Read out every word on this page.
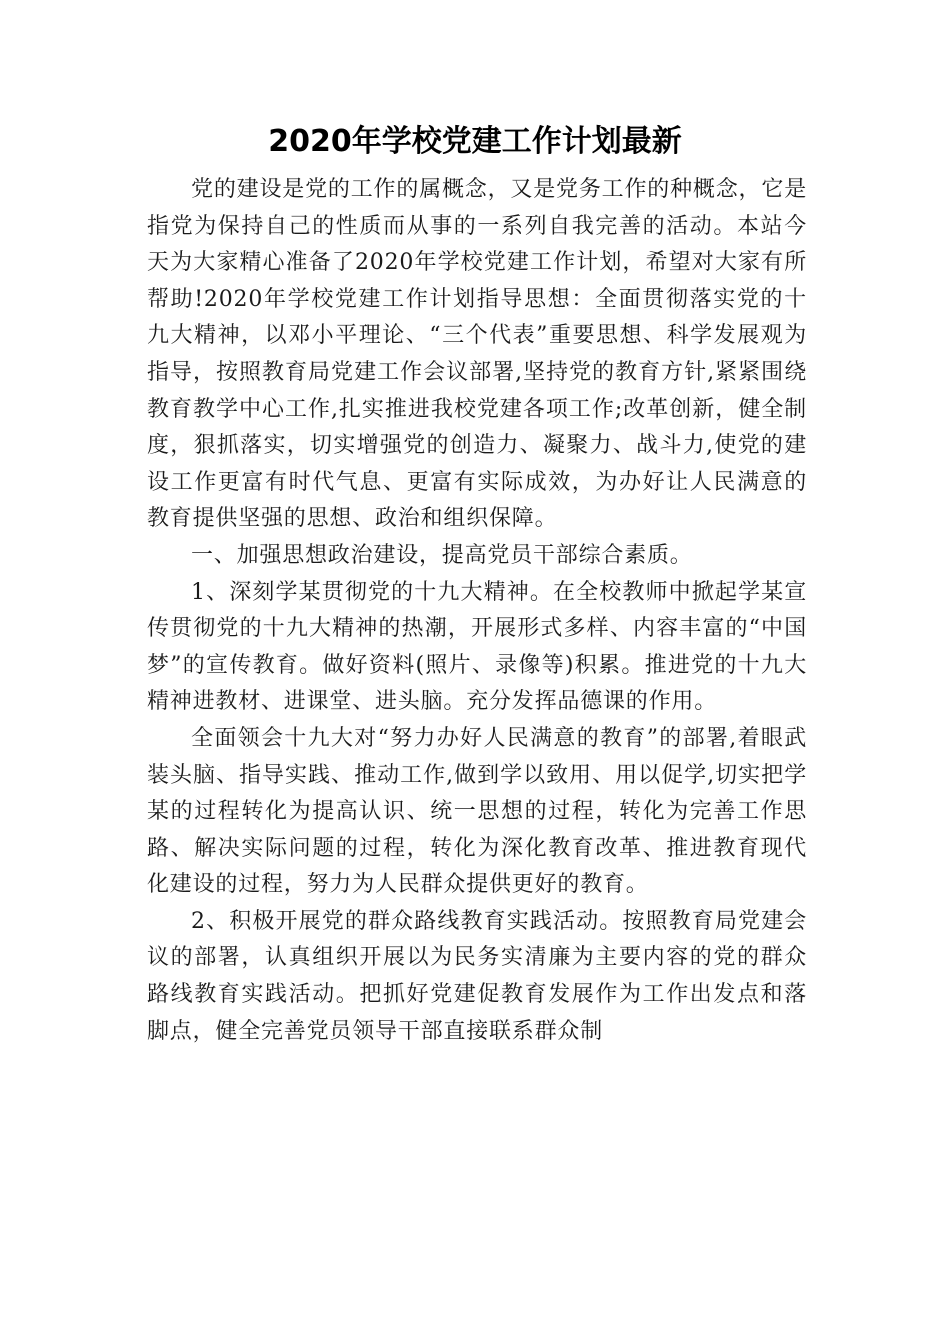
2020年学校党建工作计划最新

党的建设是党的工作的属概念，又是党务工作的种概念，它是指党为保持自己的性质而从事的一系列自我完善的活动。本站今天为大家精心准备了2020年学校党建工作计划，希望对大家有所帮助!2020年学校党建工作计划指导思想：全面贯彻落实党的十九大精神，以邓小平理论、“三个代表”重要思想、科学发展观为指导，按照教育局党建工作会议部署,坚持党的教育方针,紧紧围绕教育教学中心工作,扎实推进我校党建各项工作;改革创新，健全制度，狠抓落实，切实增强党的创造力、凝聚力、战斗力,使党的建设工作更富有时代气息、更富有实际成效，为办好让人民满意的教育提供坚强的思想、政治和组织保障。

一、加强思想政治建设，提高党员干部综合素质。

1、深刻学某贯彻党的十九大精神。在全校教师中掀起学某宣传贯彻党的十九大精神的热潮，开展形式多样、内容丰富的“中国梦”的宣传教育。做好资料(照片、录像等)积累。推进党的十九大精神进教材、进课堂、进头脑。充分发挥品德课的作用。

全面领会十九大对“努力办好人民满意的教育”的部署,着眼武装头脑、指导实践、推动工作,做到学以致用、用以促学,切实把学某的过程转化为提高认识、统一思想的过程，转化为完善工作思路、解决实际问题的过程，转化为深化教育改革、推进教育现代化建设的过程，努力为人民群众提供更好的教育。

2、积极开展党的群众路线教育实践活动。按照教育局党建会议的部署，认真组织开展以为民务实清廉为主要内容的党的群众路线教育实践活动。把抓好党建促教育发展作为工作出发点和落脚点，健全完善党员领导干部直接联系群众制
